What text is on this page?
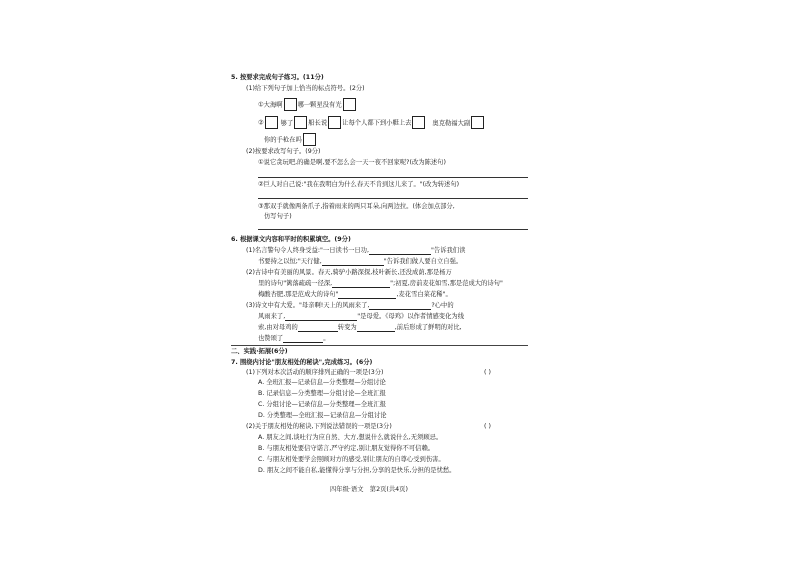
5. 按要求完成句子练习。(11分)
(1)给下列句子加上恰当的标点符号。(2分)
①大海啊 哪一颗星没有光
②	够了 船长说 让每个人都下到小艇上去	奥克勒福大副
你的手枪在吗
(2)按要求改写句子。(9分)
①说它贪玩吧,的确是啊,要不怎么会一天一夜不回家呢?(改为陈述句)
②巨人对自己说:"我在我明白为什么春天不肯到这儿来了。"(改为转述句)
③那双手就像两条爪子,指着雨来的两只耳朵,向两边拉。(体会加点部分,
仿写句子)
6. 根据课文内容和平时的积累填空。(9分)
(1)名言警句令人终身受益:"一日读书一日功,	"告诉我们读
书要持之以恒;"天行健,	"告诉我们做人要自立自强。
(2)古诗中有美丽的风景。春天,骑驴小路深探,枝叶新长,还没成荫,那是杨万
里的诗句"篱落疏疏一径深,	";初夏,房前麦花如雪,那是范成大的诗句"
梅酸杏肥,那是范成大的诗句"	,麦花雪白菜花稀"。
(3)诗文中有大爱。"母亲啊!天上的风雨来了,	?心中的
风雨来了,	"是母爱。《母鸡》以作者情感变化为线
索,由对母鸡的	转变为	,前后形成了鲜明的对比,
也赞颂了	。
二、实践·拓展(6分)
7. 围绕内讨论"朋友相处的秘诀",完成练习。(6分)
(1)下列对本次活动的顺序排列正确的一项是(3分)	( )
A. 全班汇报—记录信息—分类整理—分组讨论
B. 记录信息—分类整理—分组讨论—全班汇报
C. 分组讨论—记录信息—分类整理—全班汇报
D. 分类整理—全班汇报—记录信息—分组讨论
(2)关于朋友相处的秘诀,下列说法错误的一项是(3分)	( )
A. 朋友之间,谈吐行为应自然、大方,想说什么就说什么,无须顾忌。
B. 与朋友相处要信守诺言,严守约定,别让朋友觉得你不可信赖。
C. 与朋友相处要学会照顾对方的感受,别让朋友的自尊心受到伤害。
D. 朋友之间不能自私,能懂得分享与分担,分享的是快乐,分担的是忧愁。
四年级·语文　第2页(共4页)
